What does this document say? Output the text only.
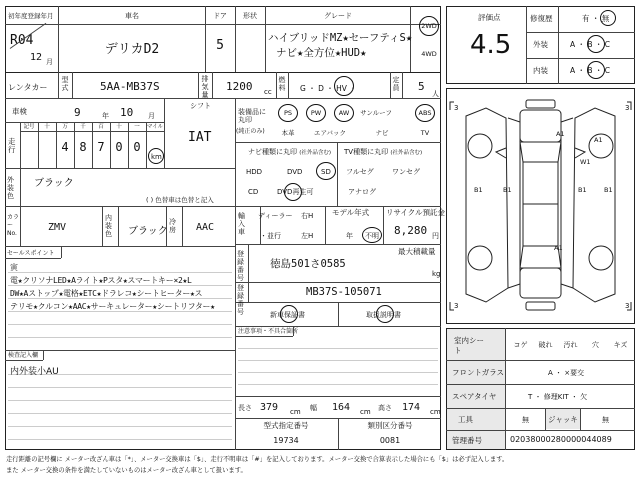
初年度登録年月	車名	ドア	形状	グレード
R04
12 月
デリカD2	5	ハイブリッドMZ★セーフティS★
ナビ★全方位★HUD★
2WD
4WD
レンタカー
型式	5AA-MB37S
排気量
1200 cc
燃料 G ・ D ・ HV ・
定員 5
人
車検	9	年 10 月
シフト
IAT
走行
記号	十	万	千	百	十	一	マイル
4 8 7 0 0
km
外装色
ブラック
( ) 色替車は色替と記入
カラーNo.
ZMV
内装色	ブラック
冷房	AAC
装備品に丸印
(純正のみ)
PS	PW	AW	サンルーフ	ABS
本革	エアバック	ナビ	TV
ナビ種類に丸印 (社外品含む) TV種類に丸印 (社外品含む)
HDD	DVD	SD
CD	DVD再生可
フルセグ	ワンセグ
アナログ
輸入車
ディーラー
・並行
右H
左H
モデル年式
年 不明
リサイクル預託金
8,280 円
登録番号
徳島501さ0585
最大積載量
kg
登録番号
MB37S-105071
新車保証書	取扱説明書
注意事項・不具合箇所
セールスポイント
寅
電★クリソナLED★Aライト★Pスタ★スマートキー×2★L
DW★Aストップ★電格★ETC★ドラレコ★シートヒーター★ス
テリモ★クルコン★AAC★サーキュレーター★シートリフター★
検査記入欄
内外装小AU
長さ 379 cm 幅 164 cm 高さ 174 cm
型式指定番号
19734
類別区分番号
0081
評価点
4.5
修復歴	有 ・ 無
外装	A ・ B ・ C
内装	A ・ B ・ C
3	3
3	3
A1
A1
B1
W1
B1	B1	B1
A1
室内シート
コゲ	破れ	汚れ	穴	キズ
フロントガラス	A ・ ×要交
スペアタイヤ	T ・ 修理KIT ・ 欠
工具	無	ジャッキ	無
管理番号	02038000280000044089
走行距離の記号欄に メーター改ざん車は「*」、メーター交換車は「$」、走行不明車は「#」を記入しております。メーター交換で合算表示した場合にも「$」は必ず記入します。
また メーター交換の条件を満たしていないものはメーター改ざん車として扱います。
